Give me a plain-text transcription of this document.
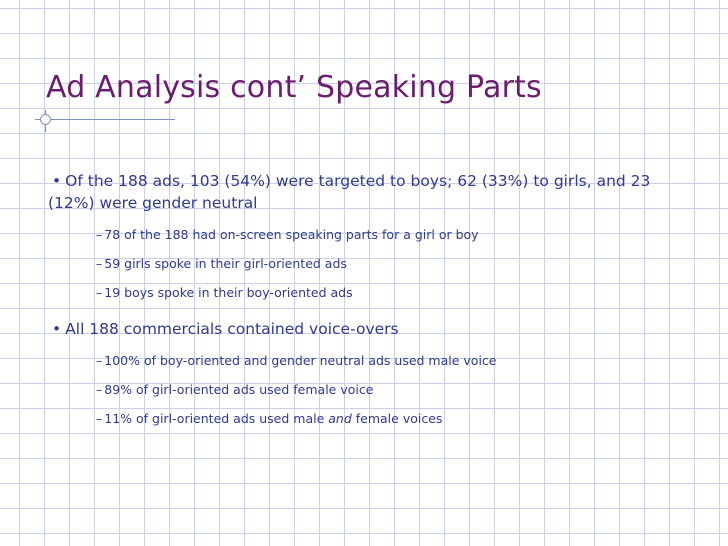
Ad Analysis cont’ Speaking Parts
• Of the 188 ads, 103 (54%) were targeted to boys; 62 (33%) to girls, and 23 (12%) were gender neutral
– 78 of the 188 had on-screen speaking parts for a girl or boy
– 59 girls spoke in their girl-oriented ads
– 19 boys spoke in their boy-oriented ads
• All 188 commercials contained voice-overs
– 100% of boy-oriented and gender neutral ads used male voice
– 89% of girl-oriented ads used female voice
– 11% of girl-oriented ads used male and female voices
